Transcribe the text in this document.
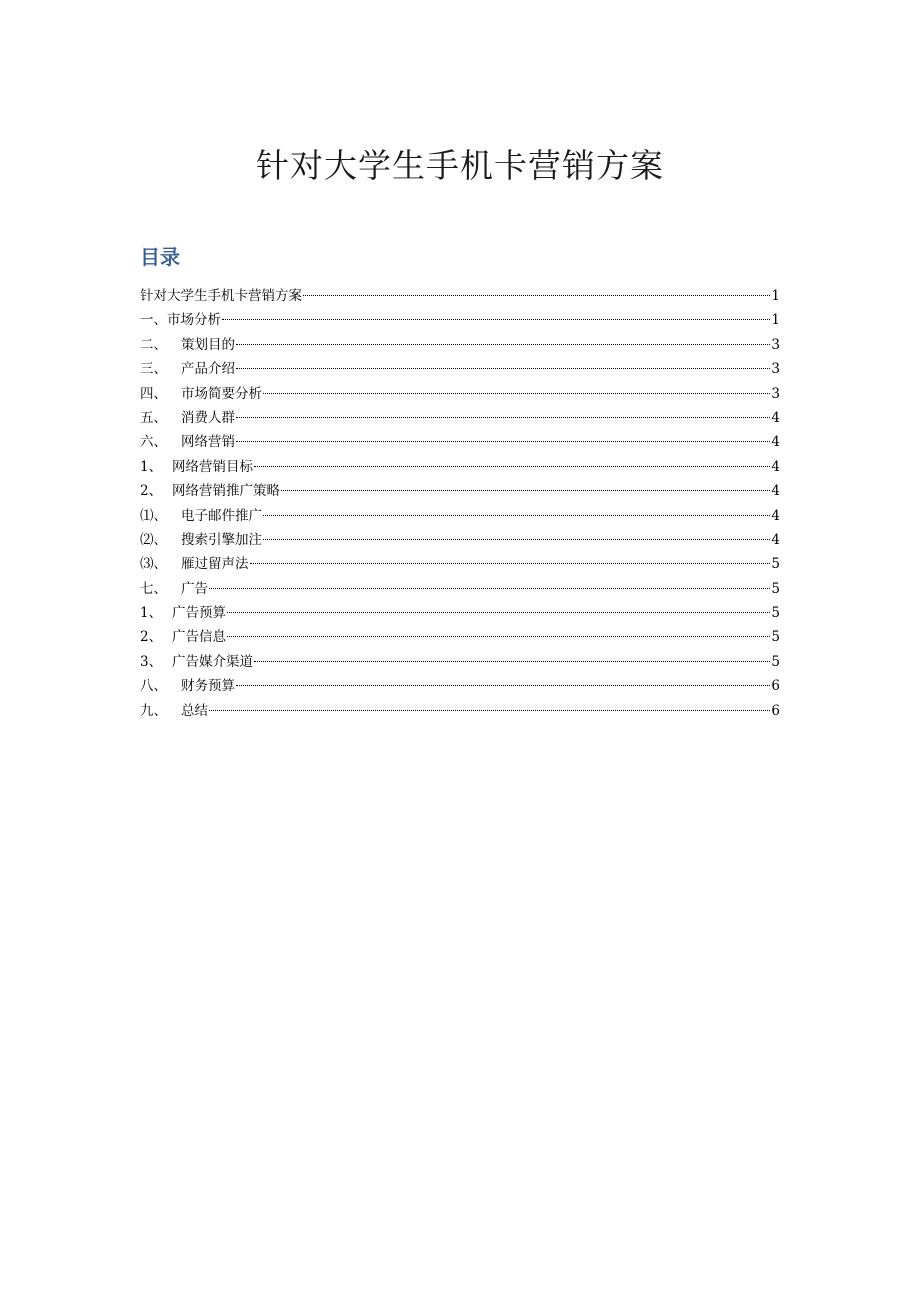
针对大学生手机卡营销方案
目录
针对大学生手机卡营销方案	1
一、 市场分析	1
二、	策划目的	3
三、	产品介绍	3
四、	市场简要分析	3
五、	消费人群	4
六、	网络营销	4
1、 网络营销目标	4
2、 网络营销推广策略	4
⑴、	电子邮件推广	4
⑵、	搜索引擎加注	4
⑶、	雁过留声法	5
七、	广告	5
1、 广告预算	5
2、 广告信息	5
3、 广告媒介渠道	5
八、	财务预算	6
九、	总结	6
